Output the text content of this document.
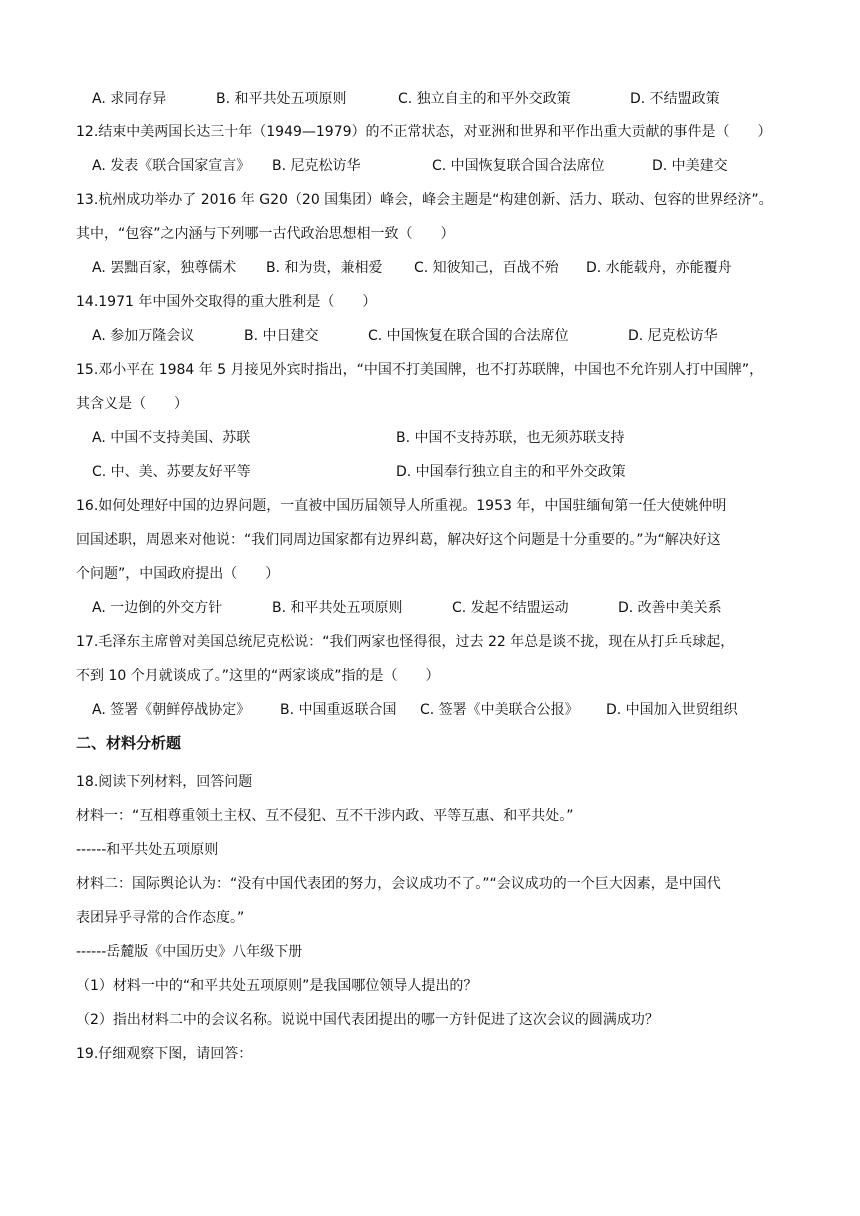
A. 求同存异	B. 和平共处五项原则	C. 独立自主的和平外交政策	D. 不结盟政策
12.结束中美两国长达三十年（1949—1979）的不正常状态，对亚洲和世界和平作出重大贡献的事件是（　　）
A. 发表《联合国家宣言》 B. 尼克松访华	C. 中国恢复联合国合法席位	D. 中美建交
13.杭州成功举办了 2016 年 G20（20 国集团）峰会，峰会主题是“构建创新、活力、联动、包容的世界经济”。
其中，“包容”之内涵与下列哪一古代政治思想相一致（　　）
A. 罢黜百家，独尊儒术 B. 和为贵，兼相爱 C. 知彼知己，百战不殆 D. 水能载舟，亦能覆舟
14.1971 年中国外交取得的重大胜利是（　　）
A. 参加万隆会议	B. 中日建交	C. 中国恢复在联合国的合法席位	D. 尼克松访华
15.邓小平在 1984 年 5 月接见外宾时指出，“中国不打美国牌，也不打苏联牌，中国也不允许别人打中国牌”，
其含义是（　　）
A. 中国不支持美国、苏联	B. 中国不支持苏联，也无须苏联支持
C. 中、美、苏要友好平等	D. 中国奉行独立自主的和平外交政策
16.如何处理好中国的边界问题，一直被中国历届领导人所重视。1953 年，中国驻缅甸第一任大使姚仲明
回国述职，周恩来对他说：“我们同周边国家都有边界纠葛，解决好这个问题是十分重要的。”为“解决好这
个问题”，中国政府提出（　　）
A. 一边倒的外交方针	B. 和平共处五项原则	C. 发起不结盟运动	D. 改善中美关系
17.毛泽东主席曾对美国总统尼克松说：“我们两家也怪得很，过去 22 年总是谈不拢，现在从打乒乓球起，
不到 10 个月就谈成了。”这里的“两家谈成”指的是（　　）
A. 签署《朝鲜停战协定》 B. 中国重返联合国 C. 签署《中美联合公报》 D. 中国加入世贸组织
二、材料分析题
18.阅读下列材料，回答问题
材料一：“互相尊重领土主权、互不侵犯、互不干涉内政、平等互惠、和平共处。”
------和平共处五项原则
材料二：国际舆论认为：“没有中国代表团的努力，会议成功不了。”“会议成功的一个巨大因素，是中国代
表团异乎寻常的合作态度。”
------岳麓版《中国历史》八年级下册
（1）材料一中的“和平共处五项原则”是我国哪位领导人提出的？
（2）指出材料二中的会议名称。说说中国代表团提出的哪一方针促进了这次会议的圆满成功？
19.仔细观察下图，请回答：
